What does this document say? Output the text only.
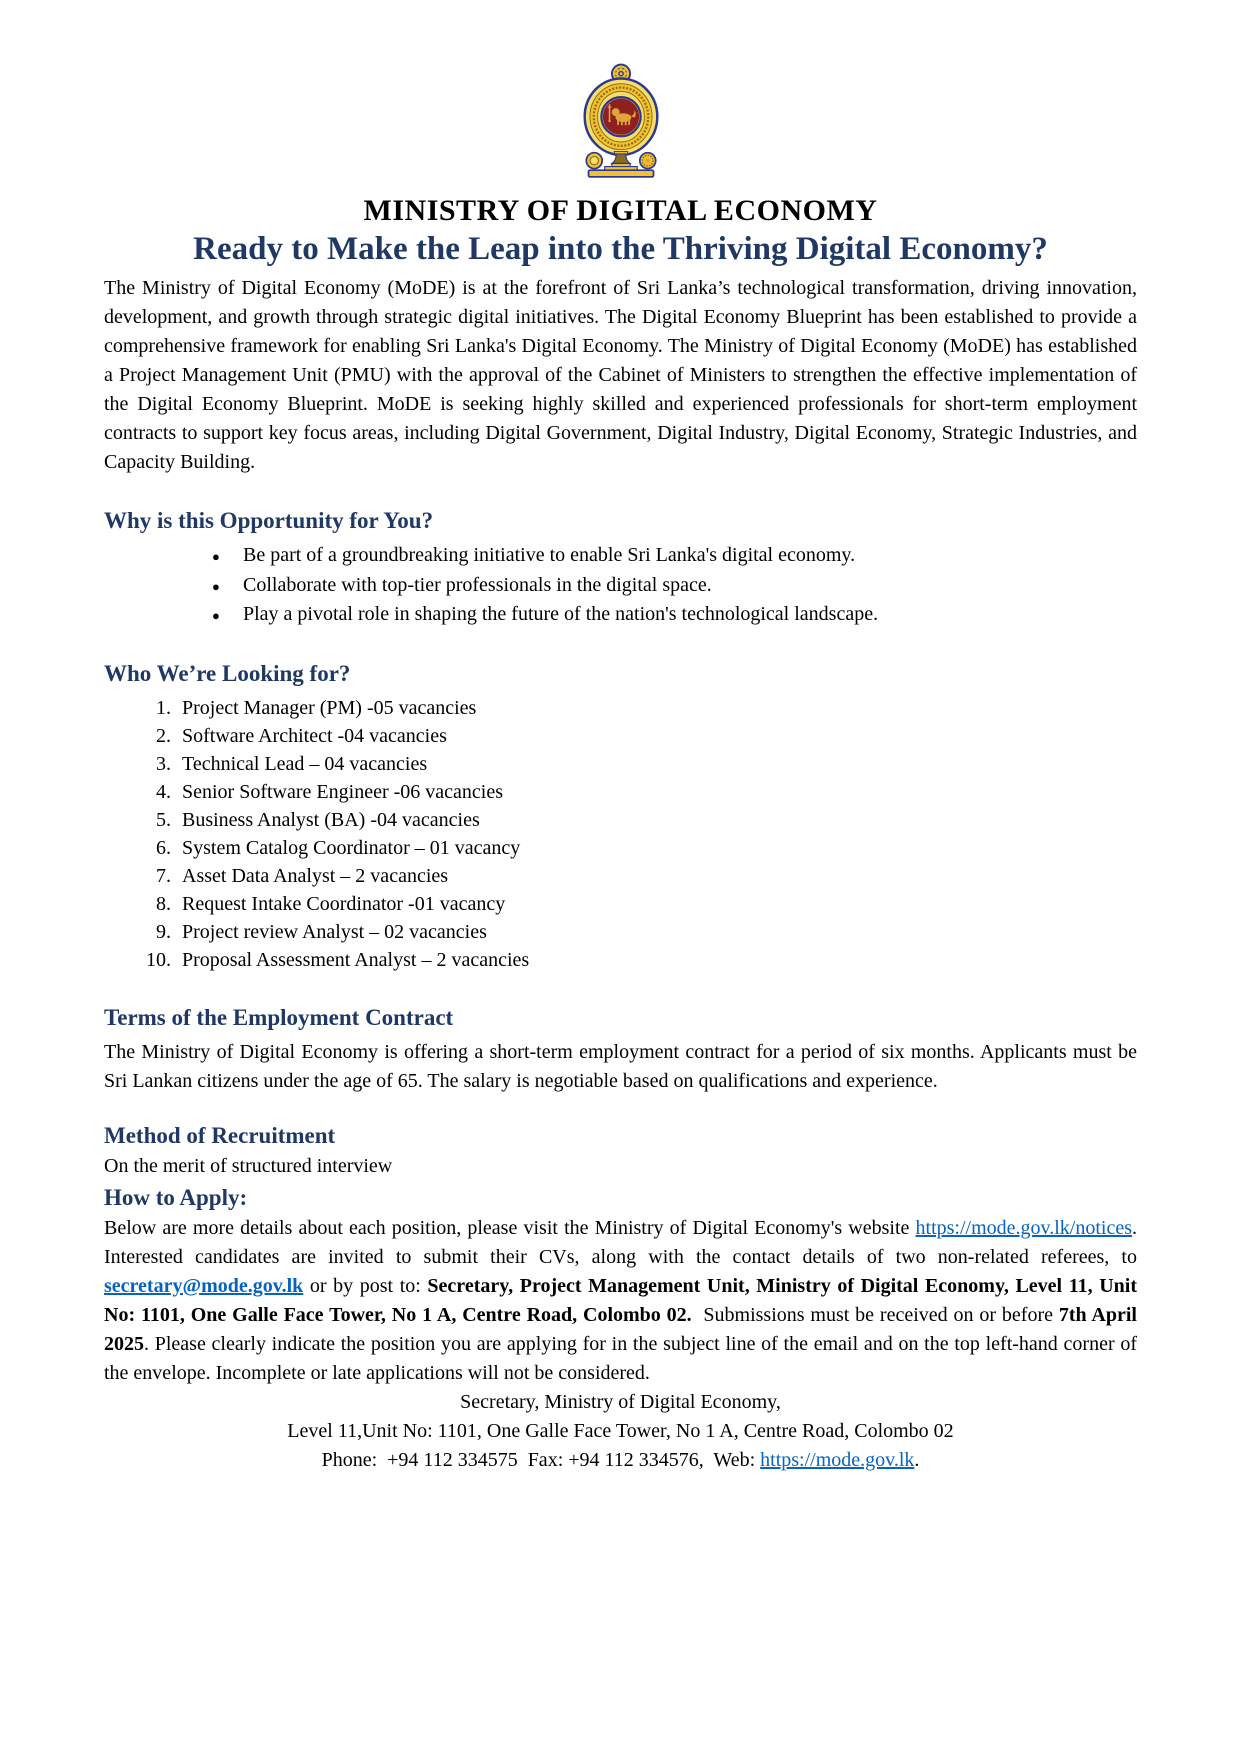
MINISTRY OF DIGITAL ECONOMY
Ready to Make the Leap into the Thriving Digital Economy?

The Ministry of Digital Economy (MoDE) is at the forefront of Sri Lanka’s technological transformation, driving innovation, development, and growth through strategic digital initiatives. The Digital Economy Blueprint has been established to provide a comprehensive framework for enabling Sri Lanka's Digital Economy. The Ministry of Digital Economy (MoDE) has established a Project Management Unit (PMU) with the approval of the Cabinet of Ministers to strengthen the effective implementation of the Digital Economy Blueprint. MoDE is seeking highly skilled and experienced professionals for short-term employment contracts to support key focus areas, including Digital Government, Digital Industry, Digital Economy, Strategic Industries, and Capacity Building.

Why is this Opportunity for You?
● Be part of a groundbreaking initiative to enable Sri Lanka's digital economy.
● Collaborate with top-tier professionals in the digital space.
● Play a pivotal role in shaping the future of the nation's technological landscape.
Who We’re Looking for?
1. Project Manager (PM) -05 vacancies
2. Software Architect -04 vacancies
3. Technical Lead – 04 vacancies
4. Senior Software Engineer -06 vacancies
5. Business Analyst (BA) -04 vacancies
6. System Catalog Coordinator – 01 vacancy
7. Asset Data Analyst – 2 vacancies
8. Request Intake Coordinator -01 vacancy
9. Project review Analyst – 02 vacancies
10. Proposal Assessment Analyst – 2 vacancies
Terms of the Employment Contract

The Ministry of Digital Economy is offering a short-term employment contract for a period of six months. Applicants must be Sri Lankan citizens under the age of 65. The salary is negotiable based on qualifications and experience.

Method of Recruitment
On the merit of structured interview
How to Apply:

Below are more details about each position, please visit the Ministry of Digital Economy's website https://mode.gov.lk/notices. Interested candidates are invited to submit their CVs, along with the contact details of two non-related referees, to secretary@mode.gov.lk or by post to: Secretary, Project Management Unit, Ministry of Digital Economy, Level 11, Unit No: 1101, One Galle Face Tower, No 1 A, Centre Road, Colombo 02.  Submissions must be received on or before 7th April 2025. Please clearly indicate the position you are applying for in the subject line of the email and on the top left-hand corner of the envelope. Incomplete or late applications will not be considered.

Secretary, Ministry of Digital Economy,
Level 11,Unit No: 1101, One Galle Face Tower, No 1 A, Centre Road, Colombo 02
Phone:  +94 112 334575  Fax: +94 112 334576,  Web: https://mode.gov.lk.
